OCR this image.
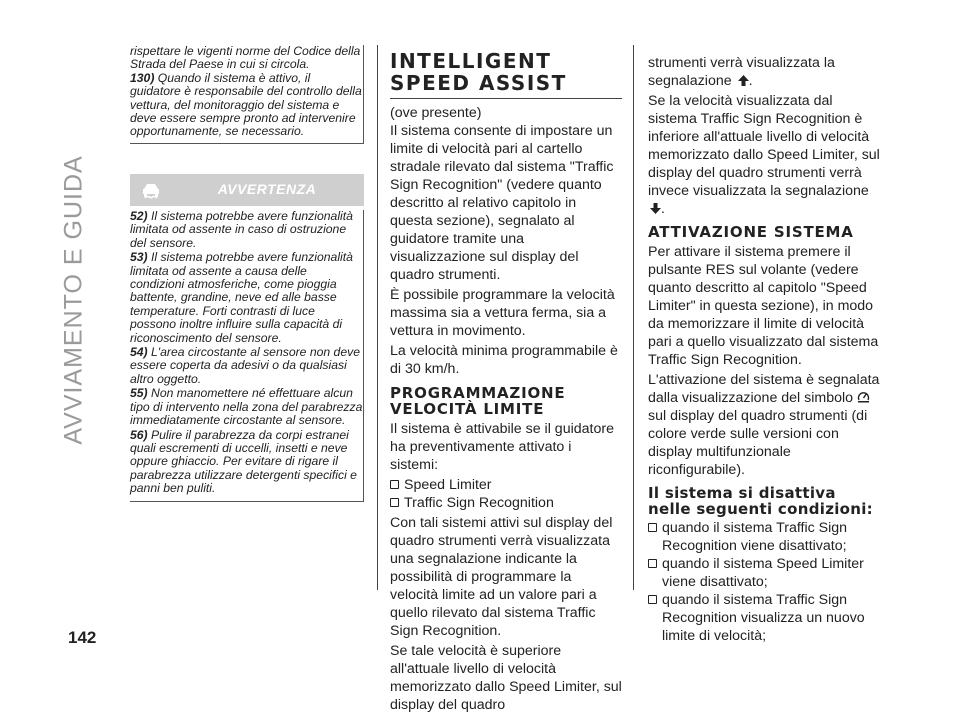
AVVIAMENTO E GUIDA
142

rispettare le vigenti norme del Codice della Strada del Paese in cui si circola.

130) Quando il sistema è attivo, il guidatore è responsabile del controllo della vettura, del monitoraggio del sistema e deve essere sempre pronto ad intervenire opportunamente, se necessario.

AVVERTENZA

52) Il sistema potrebbe avere funzionalità limitata od assente in caso di ostruzione del sensore.

53) Il sistema potrebbe avere funzionalità limitata od assente a causa delle condizioni atmosferiche, come pioggia battente, grandine, neve ed alle basse temperature. Forti contrasti di luce possono inoltre influire sulla capacità di riconoscimento del sensore.

54) L'area circostante al sensore non deve essere coperta da adesivi o da qualsiasi altro oggetto.

55) Non manomettere né effettuare alcun tipo di intervento nella zona del parabrezza immediatamente circostante al sensore.

56) Pulire il parabrezza da corpi estranei quali escrementi di uccelli, insetti e neve oppure ghiaccio. Per evitare di rigare il parabrezza utilizzare detergenti specifici e panni ben puliti.

INTELLIGENT SPEED ASSIST

(ove presente)

Il sistema consente di impostare un limite di velocità pari al cartello stradale rilevato dal sistema "Traffic Sign Recognition" (vedere quanto descritto al relativo capitolo in questa sezione), segnalato al guidatore tramite una visualizzazione sul display del quadro strumenti.

È possibile programmare la velocità massima sia a vettura ferma, sia a vettura in movimento.

La velocità minima programmabile è di 30 km/h.

PROGRAMMAZIONE VELOCITÀ LIMITE

Il sistema è attivabile se il guidatore ha preventivamente attivato i sistemi:

Speed Limiter
Traffic Sign Recognition

Con tali sistemi attivi sul display del quadro strumenti verrà visualizzata una segnalazione indicante la possibilità di programmare la velocità limite ad un valore pari a quello rilevato dal sistema Traffic Sign Recognition.

Se tale velocità è superiore all'attuale livello di velocità memorizzato dallo Speed Limiter, sul display del quadro

strumenti verrà visualizzata la segnalazione .

Se la velocità visualizzata dal sistema Traffic Sign Recognition è inferiore all'attuale livello di velocità memorizzato dallo Speed Limiter, sul display del quadro strumenti verrà invece visualizzata la segnalazione .

ATTIVAZIONE SISTEMA

Per attivare il sistema premere il pulsante RES sul volante (vedere quanto descritto al capitolo "Speed Limiter" in questa sezione), in modo da memorizzare il limite di velocità pari a quello visualizzato dal sistema Traffic Sign Recognition.

L'attivazione del sistema è segnalata dalla visualizzazione del simbolo  sul display del quadro strumenti (di colore verde sulle versioni con display multifunzionale riconfigurabile).

Il sistema si disattiva nelle seguenti condizioni:
quando il sistema Traffic Sign Recognition viene disattivato;
quando il sistema Speed Limiter viene disattivato;
quando il sistema Traffic Sign Recognition visualizza un nuovo limite di velocità;
